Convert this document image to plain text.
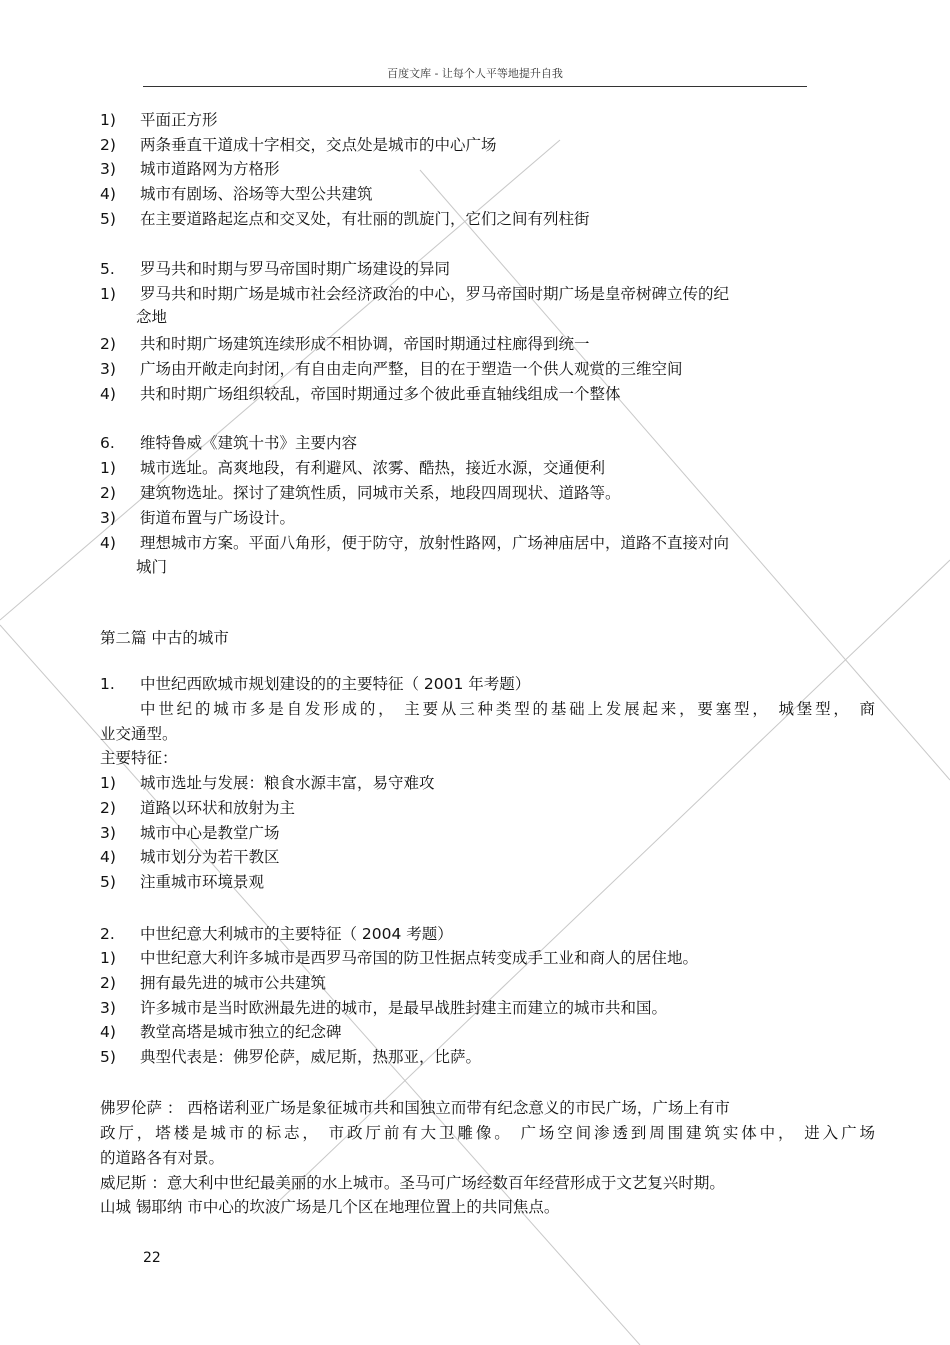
百度文库 - 让每个人平等地提升自我
1) 平面正方形
2) 两条垂直干道成十字相交，交点处是城市的中心广场
3) 城市道路网为方格形
4) 城市有剧场、浴场等大型公共建筑
5) 在主要道路起迄点和交叉处，有壮丽的凯旋门，它们之间有列柱街
5. 罗马共和时期与罗马帝国时期广场建设的异同
1) 罗马共和时期广场是城市社会经济政治的中心，罗马帝国时期广场是皇帝树碑立传的纪
念地
2) 共和时期广场建筑连续形成不相协调，帝国时期通过柱廊得到统一
3) 广场由开敞走向封闭，有自由走向严整，目的在于塑造一个供人观赏的三维空间
4) 共和时期广场组织较乱，帝国时期通过多个彼此垂直轴线组成一个整体
6. 维特鲁威《建筑十书》主要内容
1) 城市选址。高爽地段，有利避风、浓雾、酷热，接近水源，交通便利
2) 建筑物选址。探讨了建筑性质，同城市关系，地段四周现状、道路等。
3) 街道布置与广场设计。
4) 理想城市方案。平面八角形，便于防守，放射性路网，广场神庙居中，道路不直接对向
城门
第二篇 中古的城市
1. 中世纪西欧城市规划建设的的主要特征（ 2001 年考题）
中世纪的城市多是自发形成的， 主要从三种类型的基础上发展起来，要塞型， 城堡型， 商
业交通型。
主要特征：
1) 城市选址与发展：粮食水源丰富，易守难攻
2) 道路以环状和放射为主
3) 城市中心是教堂广场
4) 城市划分为若干教区
5) 注重城市环境景观
2. 中世纪意大利城市的主要特征（ 2004 考题）
1) 中世纪意大利许多城市是西罗马帝国的防卫性据点转变成手工业和商人的居住地。
2) 拥有最先进的城市公共建筑
3) 许多城市是当时欧洲最先进的城市，是最早战胜封建主而建立的城市共和国。
4) 教堂高塔是城市独立的纪念碑
5) 典型代表是：佛罗伦萨，威尼斯，热那亚，比萨。
佛罗伦萨 ： 西格诺利亚广场是象征城市共和国独立而带有纪念意义的市民广场，广场上有市
政厅，塔楼是城市的标志， 市政厅前有大卫雕像。 广场空间渗透到周围建筑实体中， 进入广场
的道路各有对景。
威尼斯 ：意大利中世纪最美丽的水上城市。圣马可广场经数百年经营形成于文艺复兴时期。
山城 锡耶纳 市中心的坎波广场是几个区在地理位置上的共同焦点。
22
